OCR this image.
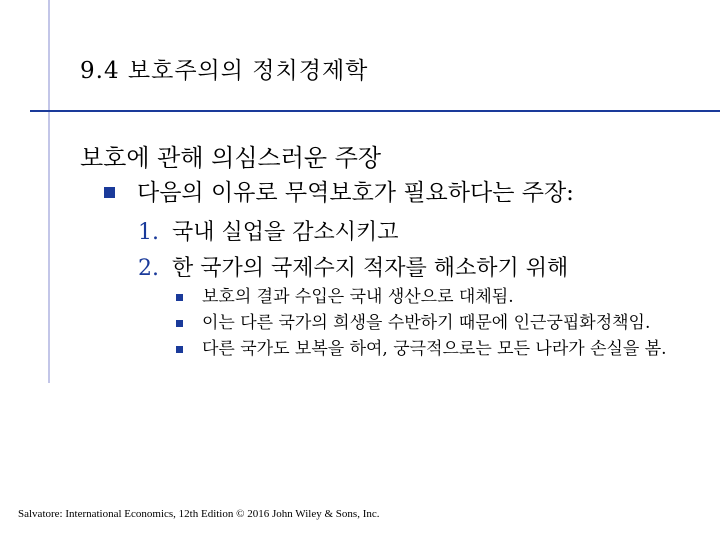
9.4 보호주의의 정치경제학
보호에 관해 의심스러운 주장
다음의 이유로 무역보호가 필요하다는 주장:
1. 국내 실업을 감소시키고
2. 한 국가의 국제수지 적자를 해소하기 위해
보호의 결과 수입은 국내 생산으로 대체됨.
이는 다른 국가의 희생을 수반하기 때문에 인근궁핍화정책임.
다른 국가도 보복을 하여, 궁극적으로는 모든 나라가 손실을 봄.
Salvatore: International Economics, 12th Edition © 2016 John Wiley & Sons, Inc.
